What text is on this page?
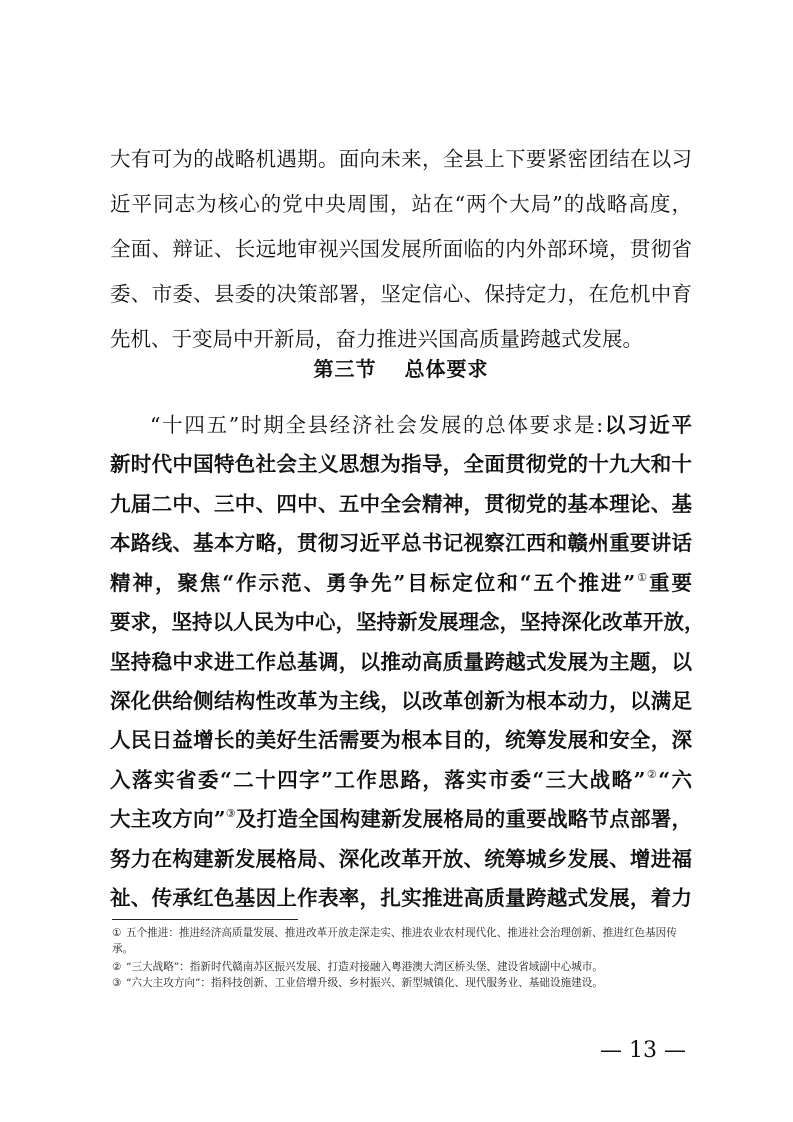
大有可为的战略机遇期。面向未来，全县上下要紧密团结在以习

近平同志为核心的党中央周围，站在“两个大局”的战略高度，

全面、辩证、长远地审视兴国发展所面临的内外部环境，贯彻省

委、市委、县委的决策部署，坚定信心、保持定力，在危机中育

先机、于变局中开新局，奋力推进兴国高质量跨越式发展。

第三节 总体要求

“十四五”时期全县经济社会发展的总体要求是:以习近平

新时代中国特色社会主义思想为指导，全面贯彻党的十九大和十

九届二中、三中、四中、五中全会精神，贯彻党的基本理论、基

本路线、基本方略，贯彻习近平总书记视察江西和赣州重要讲话

精神，聚焦“作示范、勇争先”目标定位和“五个推进”①重要

要求，坚持以人民为中心，坚持新发展理念，坚持深化改革开放，

坚持稳中求进工作总基调，以推动高质量跨越式发展为主题，以

深化供给侧结构性改革为主线，以改革创新为根本动力，以满足

人民日益增长的美好生活需要为根本目的，统筹发展和安全，深

入落实省委“二十四字”工作思路，落实市委“三大战略”②“六

大主攻方向”③及打造全国构建新发展格局的重要战略节点部署，

努力在构建新发展格局、深化改革开放、统筹城乡发展、增进福

祉、传承红色基因上作表率，扎实推进高质量跨越式发展，着力

① 五个推进：推进经济高质量发展、推进改革开放走深走实、推进农业农村现代化、推进社会治理创新、推进红色基因传承。

② “三大战略”：指新时代赣南苏区振兴发展、打造对接融入粤港澳大湾区桥头堡、建设省域副中心城市。

③ “六大主攻方向”：指科技创新、工业倍增升级、乡村振兴、新型城镇化、现代服务业、基础设施建设。

— 13 —
